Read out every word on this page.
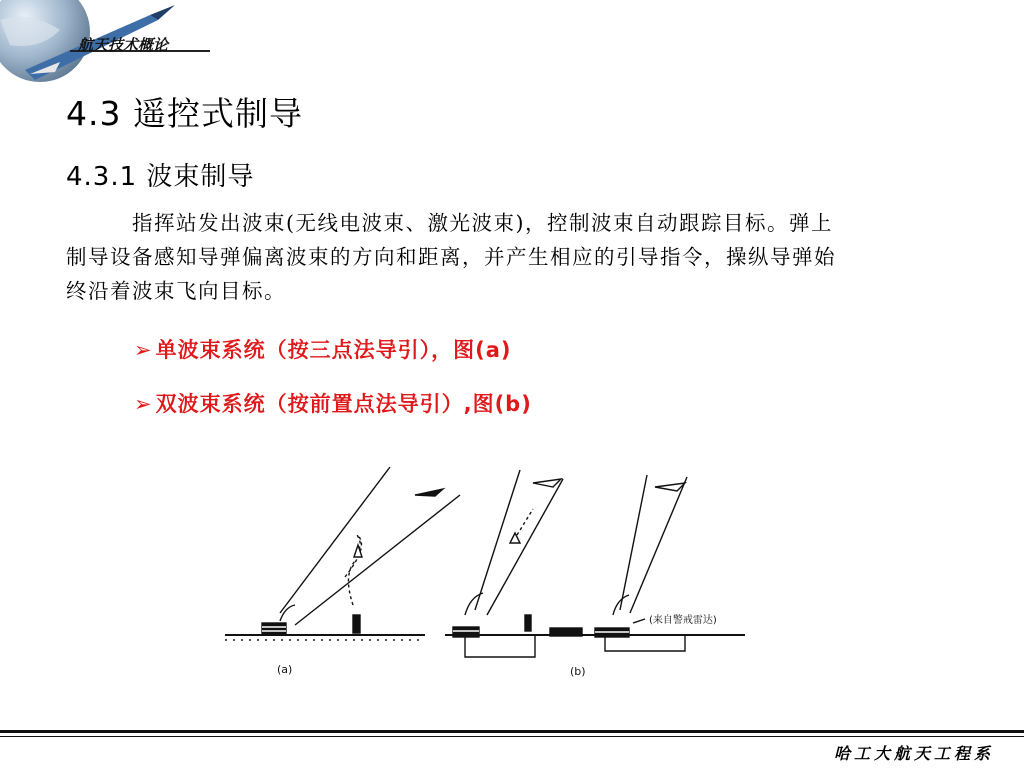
航天技术概论
4.3 遥控式制导
4.3.1 波束制导
指挥站发出波束(无线电波束、激光波束)，控制波束自动跟踪目标。弹上制导设备感知导弹偏离波束的方向和距离，并产生相应的引导指令，操纵导弹始终沿着波束飞向目标。
➢ 单波束系统（按三点法导引），图(a)
➢ 双波束系统（按前置点法导引）,图(b)
(a)
(来自警戒雷达)
(b)
哈工大航天工程系
